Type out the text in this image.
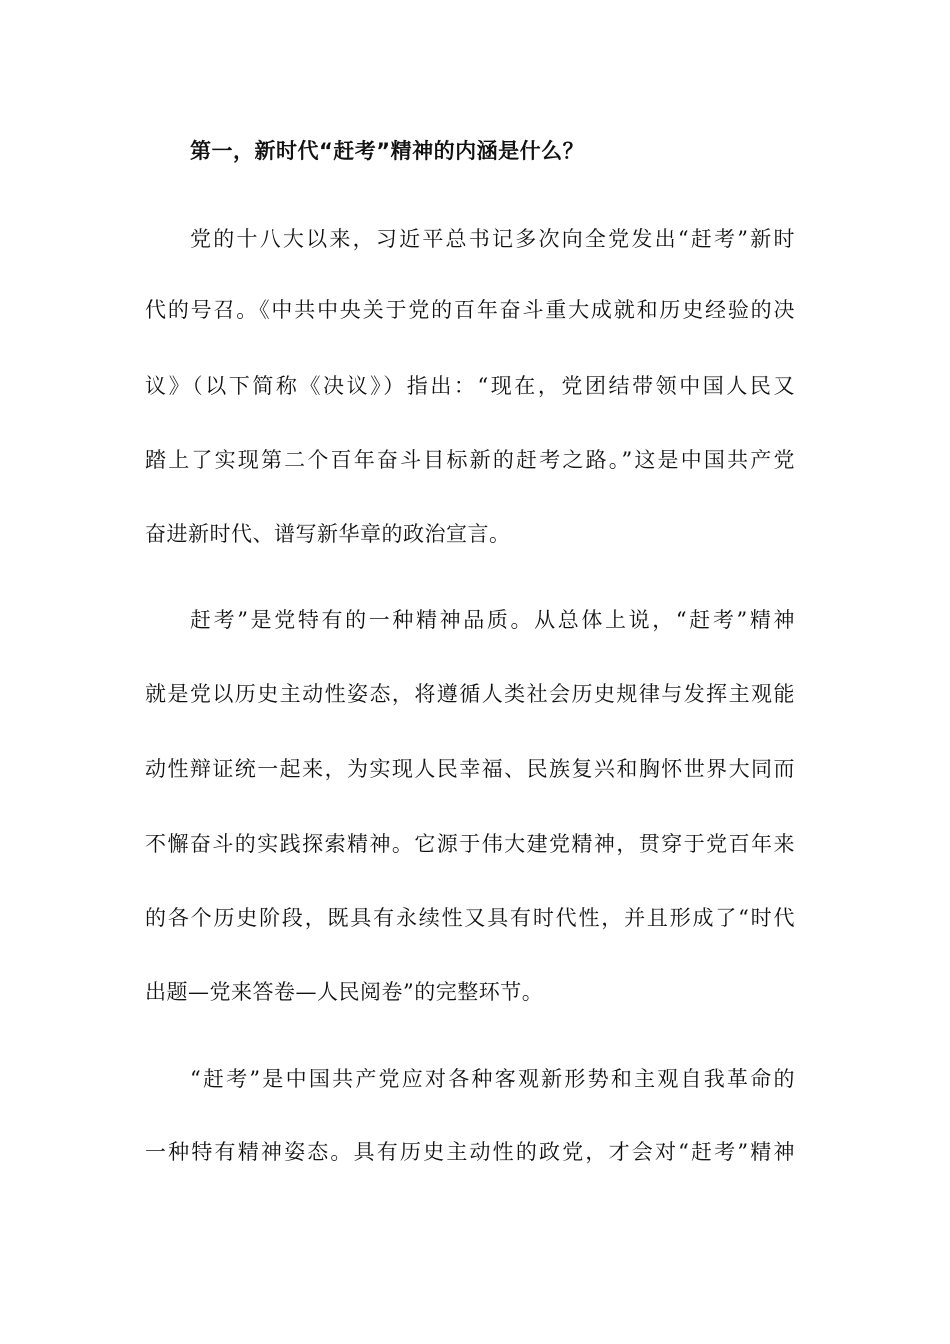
第一，新时代“赶考”精神的内涵是什么？

党的十八大以来，习近平总书记多次向全党发出“赶考”新时

代的号召。《中共中央关于党的百年奋斗重大成就和历史经验的决

议》（以下简称《决议》）指出：“现在，党团结带领中国人民又

踏上了实现第二个百年奋斗目标新的赶考之路。”这是中国共产党

奋进新时代、谱写新华章的政治宣言。

赶考”是党特有的一种精神品质。从总体上说，“赶考”精神

就是党以历史主动性姿态，将遵循人类社会历史规律与发挥主观能

动性辩证统一起来，为实现人民幸福、民族复兴和胸怀世界大同而

不懈奋斗的实践探索精神。它源于伟大建党精神，贯穿于党百年来

的各个历史阶段，既具有永续性又具有时代性，并且形成了“时代

出题—党来答卷—人民阅卷”的完整环节。

“赶考”是中国共产党应对各种客观新形势和主观自我革命的

一种特有精神姿态。具有历史主动性的政党，才会对“赶考”精神
